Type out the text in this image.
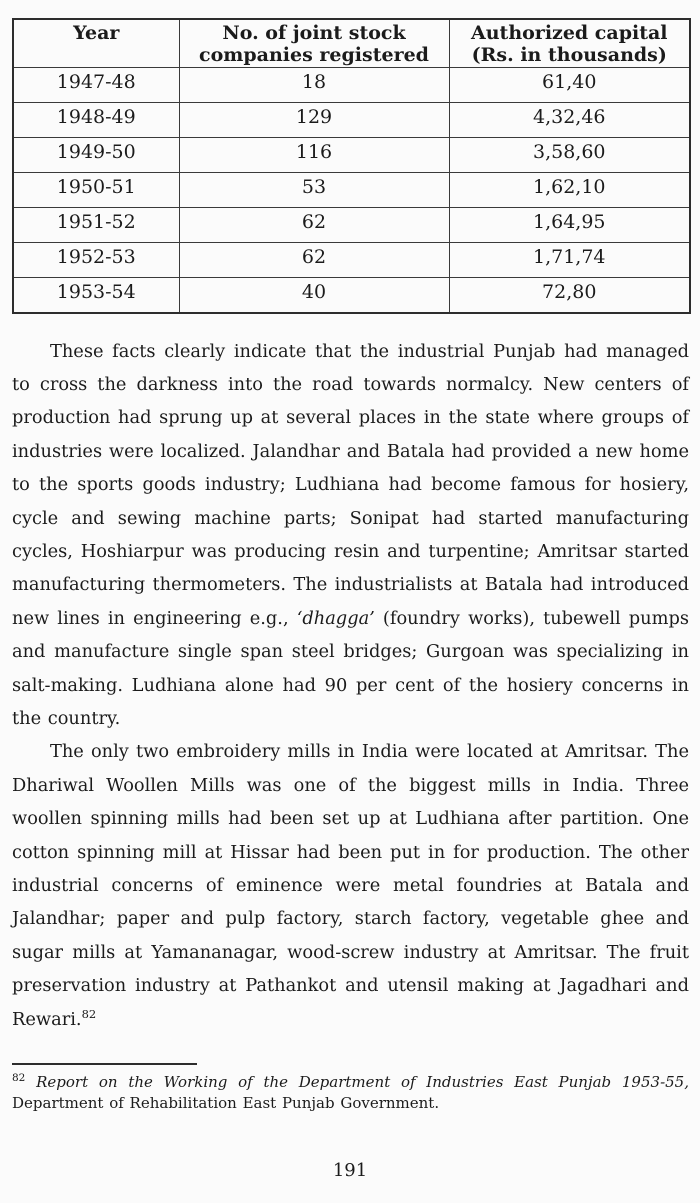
Year	No. of joint stock companies registered	Authorized capital (Rs. in thousands)
1947-48	18	61,40
1948-49	129	4,32,46
1949-50	116	3,58,60
1950-51	53	1,62,10
1951-52	62	1,64,95
1952-53	62	1,71,74
1953-54	40	72,80

These facts clearly indicate that the industrial Punjab had managed to cross the darkness into the road towards normalcy. New centers of production had sprung up at several places in the state where groups of industries were localized. Jalandhar and Batala had provided a new home to the sports goods industry; Ludhiana had become famous for hosiery, cycle and sewing machine parts; Sonipat had started manufacturing cycles, Hoshiarpur was producing resin and turpentine; Amritsar started manufacturing thermometers. The industrialists at Batala had introduced new lines in engineering e.g., ‘dhagga’ (foundry works), tubewell pumps and manufacture single span steel bridges; Gurgoan was specializing in salt-making. Ludhiana alone had 90 per cent of the hosiery concerns in the country.

The only two embroidery mills in India were located at Amritsar. The Dhariwal Woollen Mills was one of the biggest mills in India. Three woollen spinning mills had been set up at Ludhiana after partition. One cotton spinning mill at Hissar had been put in for production. The other industrial concerns of eminence were metal foundries at Batala and Jalandhar; paper and pulp factory, starch factory, vegetable ghee and sugar mills at Yamananagar, wood-screw industry at Amritsar. The fruit preservation industry at Pathankot and utensil making at Jagadhari and Rewari.$^{82}$

$^{82}$ Report on the Working of the Department of Industries East Punjab 1953-55, Department of Rehabilitation East Punjab Government.

191
